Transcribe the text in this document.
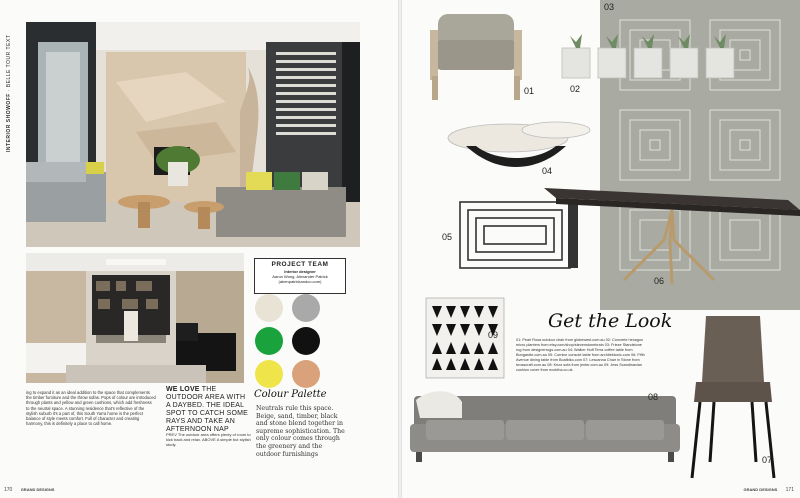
INTERIOR SHOWOFF · BELLE TOUR TEXT
PROJECT TEAM
Interior designer
Aaron Wong, Alexander Patrick
(abenpatrickandco.com)
ing to expand it as an ideal addition to the space that complements the timber furniture and the throw sofas. Pops of colour are introduced through plants and yellow and green cushions, which add freshness to the neutral space. A stunning residence that's reflective of the stylish suburb it's a part of, this South Yarra home is the perfect balance of style meets comfort. Full of character and creating harmony, this is definitely a place to call home.
WE LOVE THE OUTDOOR AREA WITH A DAYBED. THE IDEAL SPOT TO CATCH SOME RAYS AND TAKE AN AFTERNOON NAP
PREV The outdoor area offers plenty of room to kick back and relax. ABOVE A simple but stylish study.
Colour Palette
Neutrals rule this space. Beige, sand, timber, black and stone blend together in supreme sophistication. The only colour comes through the greenery and the outdoor furnishings
170 GRAND DESIGNS
01	02
03
04
05
06
07
08
09
Get the Look
01: Pearl Rosa outdoor chair from globewest.com.au 02: Concrete hexagon micro planters from etsy.com/shop/stevenstonebrain 03: Frieze Standstone rug from designerrugs.com.au 04: Walker Hoff Terra coffee table from Bongardie.com.au 05: Cornice console table from architektonic.com 06: Fifth Avenue dining table from Boatbiko.com 07: Lescanna Chair in Stone from brosscraft.com.au 08: Knox sofa from jenter.com.au 09: Jess Scandinavian cushion cover from ecobiha.co.uk
GRAND DESIGNS 171
